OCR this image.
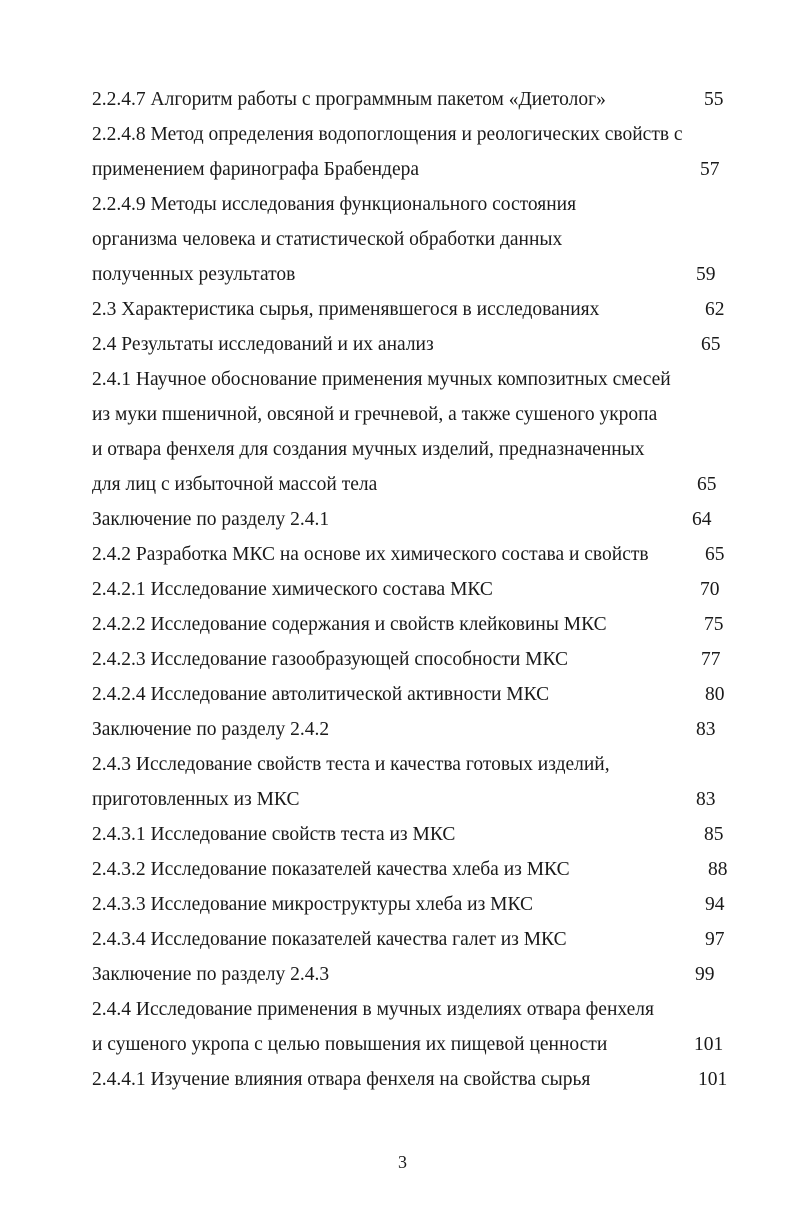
2.2.4.7 Алгоритм работы с программным пакетом «Диетолог»	55
2.2.4.8 Метод определения водопоглощения и реологических свойств с
применением фаринографа Брабендера	57
2.2.4.9 Методы исследования функционального состояния
организма человека и статистической обработки данных
полученных результатов	59
2.3 Характеристика сырья, применявшегося в исследованиях	62
2.4 Результаты исследований и их анализ	65
2.4.1 Научное обоснование применения мучных композитных смесей
из муки пшеничной, овсяной и гречневой, а также сушеного укропа
и отвара фенхеля для создания мучных изделий, предназначенных
для лиц с избыточной массой тела	65
Заключение по разделу 2.4.1	64
2.4.2 Разработка МКС на основе их химического состава и свойств	65
2.4.2.1 Исследование химического состава МКС	70
2.4.2.2 Исследование содержания и свойств клейковины МКС	75
2.4.2.3 Исследование газообразующей способности МКС	77
2.4.2.4 Исследование автолитической активности МКС	80
Заключение по разделу 2.4.2	83
2.4.3 Исследование свойств теста и качества готовых изделий,
приготовленных из МКС	83
2.4.3.1 Исследование свойств теста из МКС	85
2.4.3.2 Исследование показателей качества хлеба из МКС	88
2.4.3.3 Исследование микроструктуры хлеба из МКС	94
2.4.3.4 Исследование показателей качества галет из МКС	97
Заключение по разделу 2.4.3	99
2.4.4 Исследование применения в мучных изделиях отвара фенхеля
и сушеного укропа с целью повышения их пищевой ценности	101
2.4.4.1 Изучение влияния отвара фенхеля на свойства сырья	101
3
